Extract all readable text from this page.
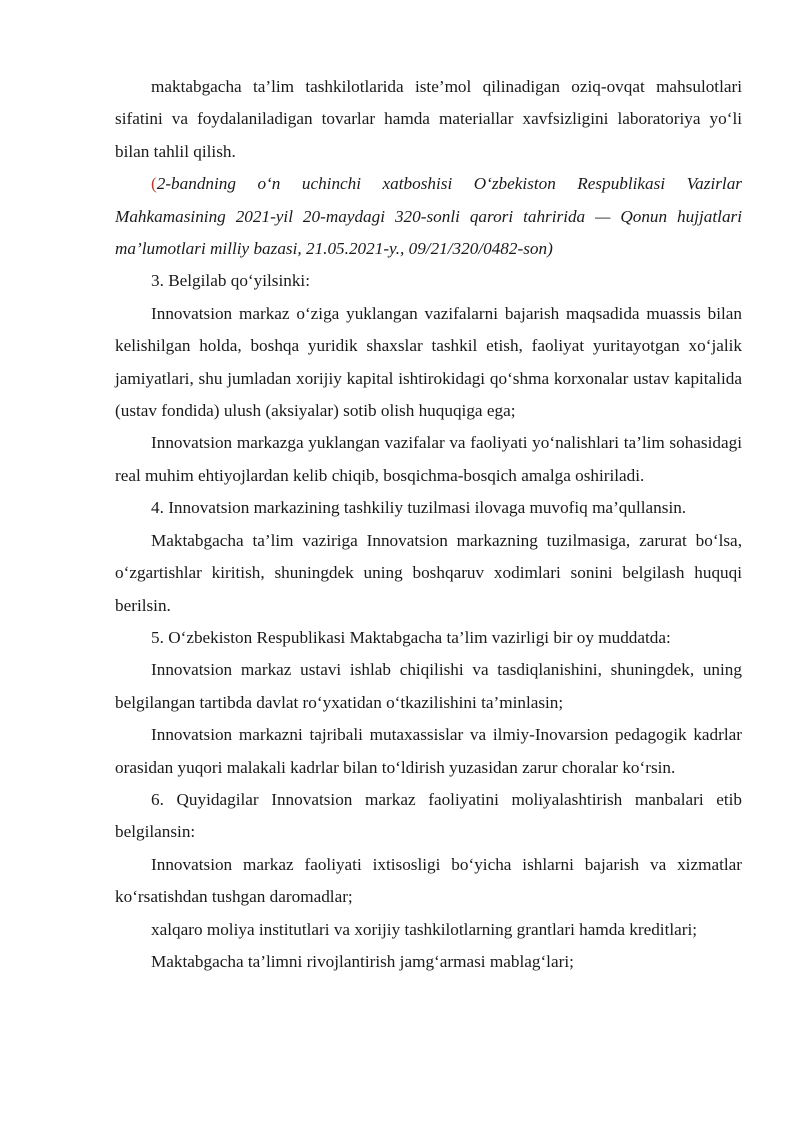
maktabgacha ta’lim tashkilotlarida iste’mol qilinadigan oziq-ovqat mahsulotlari sifatini va foydalaniladigan tovarlar hamda materiallar xavfsizligini laboratoriya yo‘li bilan tahlil qilish.

(2-bandning o‘n uchinchi xatboshisi O‘zbekiston Respublikasi Vazirlar Mahkamasining 2021-yil 20-maydagi 320-sonli qarori tahririda — Qonun hujjatlari ma’lumotlari milliy bazasi, 21.05.2021-y., 09/21/320/0482-son)

3. Belgilab qo‘yilsinki:

Innovatsion markaz o‘ziga yuklangan vazifalarni bajarish maqsadida muassis bilan kelishilgan holda, boshqa yuridik shaxslar tashkil etish, faoliyat yuritayotgan xo‘jalik jamiyatlari, shu jumladan xorijiy kapital ishtirokidagi qo‘shma korxonalar ustav kapitalida (ustav fondida) ulush (aksiyalar) sotib olish huquqiga ega;

Innovatsion markazga yuklangan vazifalar va faoliyati yo‘nalishlari ta’lim sohasidagi real muhim ehtiyojlardan kelib chiqib, bosqichma-bosqich amalga oshiriladi.

4. Innovatsion markazining tashkiliy tuzilmasi ilovaga muvofiq ma’qullansin.

Maktabgacha ta’lim vaziriga Innovatsion markazning tuzilmasiga, zarurat bo‘lsa, o‘zgartishlar kiritish, shuningdek uning boshqaruv xodimlari sonini belgilash huquqi berilsin.

5. O‘zbekiston Respublikasi Maktabgacha ta’lim vazirligi bir oy muddatda:

Innovatsion markaz ustavi ishlab chiqilishi va tasdiqlanishini, shuningdek, uning belgilangan tartibda davlat ro‘yxatidan o‘tkazilishini ta’minlasin;

Innovatsion markazni tajribali mutaxassislar va ilmiy-Inovarsion pedagogik kadrlar orasidan yuqori malakali kadrlar bilan to‘ldirish yuzasidan zarur choralar ko‘rsin.

6. Quyidagilar Innovatsion markaz faoliyatini moliyalashtirish manbalari etib belgilansin:

Innovatsion markaz faoliyati ixtisosligi bo‘yicha ishlarni bajarish va xizmatlar ko‘rsatishdan tushgan daromadlar;

xalqaro moliya institutlari va xorijiy tashkilotlarning grantlari hamda kreditlari;

Maktabgacha ta’limni rivojlantirish jamg‘armasi mablag‘lari;
